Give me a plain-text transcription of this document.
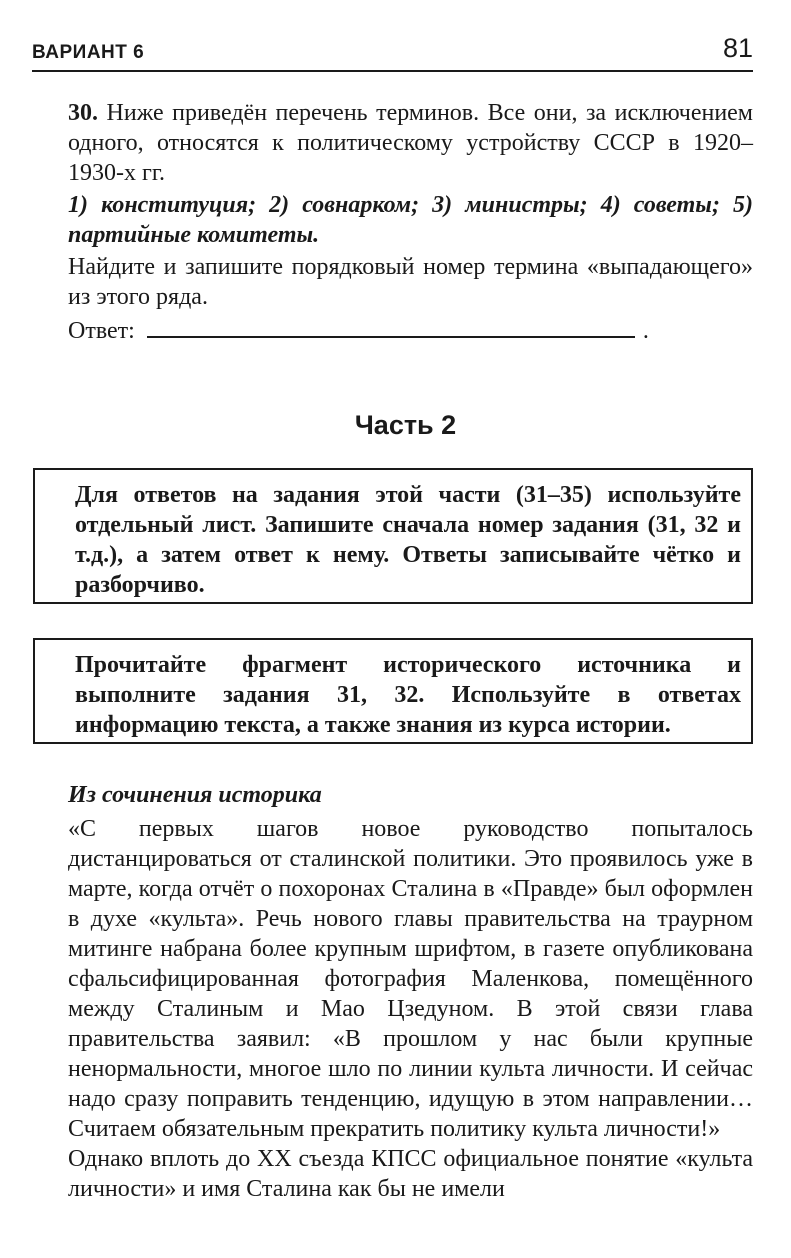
ВАРИАНТ 6	81
30. Ниже приведён перечень терминов. Все они, за исключением одного, относятся к политическому устройству СССР в 1920–1930-х гг.
1) конституция; 2) совнарком; 3) министры; 4) советы; 5) партийные комитеты.
Найдите и запишите порядковый номер термина «выпадающего» из этого ряда.
Ответ:	.
Часть 2
Для ответов на задания этой части (31–35) используйте отдельный лист. Запишите сначала номер задания (31, 32 и т.д.), а затем ответ к нему. Ответы записывайте чётко и разборчиво.
Прочитайте фрагмент исторического источника и выполните задания 31, 32. Используйте в ответах информацию текста, а также знания из курса истории.
Из сочинения историка

«С первых шагов новое руководство попыталось дистанцироваться от сталинской политики. Это проявилось уже в марте, когда отчёт о похоронах Сталина в «Правде» был оформлен в духе «культа». Речь нового главы правительства на траурном митинге набрана более крупным шрифтом, в газете опубликована сфальсифицированная фотография Маленкова, помещённого между Сталиным и Мао Цзедуном. В этой связи глава правительства заявил: «В прошлом у нас были крупные ненормальности, многое шло по линии культа личности. И сейчас надо сразу поправить тенденцию, идущую в этом направлении… Считаем обязательным прекратить политику культа личности!»

Однако вплоть до XX съезда КПСС официальное понятие «культа личности» и имя Сталина как бы не имели
